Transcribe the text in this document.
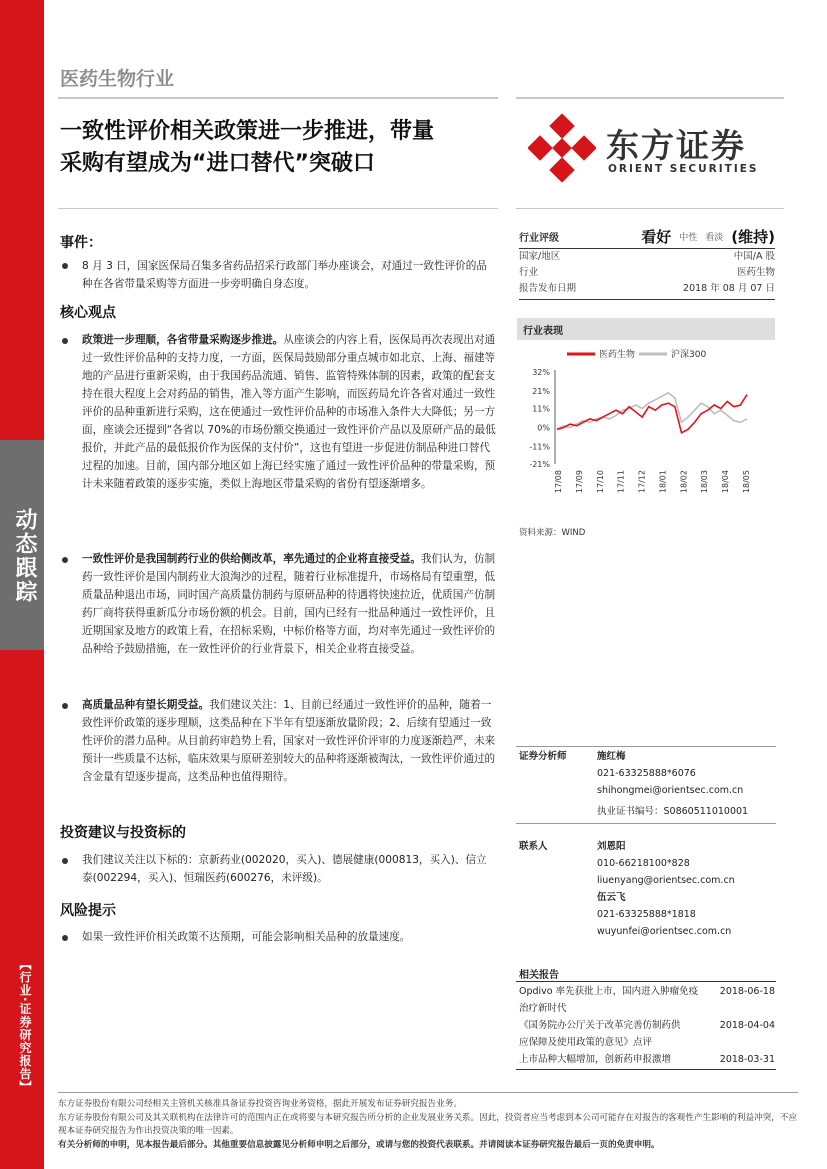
动态跟踪
【行业·证券研究报告】
医药生物行业
一致性评价相关政策进一步推进，带量
采购有望成为“进口替代”突破口	东方证券
ORIENT SECURITIES
事件：
8 月 3 日，国家医保局召集多省药品招采行政部门举办座谈会，对通过一致性评价的品种在各省带量采购等方面进一步旁明确自身态度。
核心观点
政策进一步理顺，各省带量采购逐步推进。从座谈会的内容上看，医保局再次表现出对通过一致性评价品种的支持力度，一方面，医保局鼓励部分重点城市如北京、上海、福建等地的产品进行重新采购，由于我国药品流通、销售、监管特殊体制的因素，政策的配套支持在很大程度上会对药品的销售，准入等方面产生影响，而医药局允许各省对通过一致性评价的品种重新进行采购，这在使通过一致性评价品种的市场准入条件大大降低；另一方面，座谈会还提到“各省以 70%的市场份额交换通过一致性评价产品以及原研产品的最低报价，并此产品的最低报价作为医保的支付价”，这也有望进一步促进仿制品种进口替代过程的加速。目前，国内部分地区如上海已经实施了通过一致性评价品种的带量采购，预计未来随着政策的逐步实施，类似上海地区带量采购的省份有望逐渐增多。
一致性评价是我国制药行业的供给侧改革，率先通过的企业将直接受益。我们认为，仿制药一致性评价是国内制药业大浪淘沙的过程，随着行业标准提升，市场格局有望重塑，低质量品种退出市场，同时国产高质量仿制药与原研品种的待遇将快速拉近，优质国产仿制药厂商将获得重新瓜分市场份额的机会。目前，国内已经有一批品种通过一致性评价，且近期国家及地方的政策上看，在招标采购，中标价格等方面，均对率先通过一致性评价的品种给予鼓励措施，在一致性评价的行业背景下，相关企业将直接受益。
高质量品种有望长期受益。我们建议关注：1、目前已经通过一致性评价的品种，随着一致性评价政策的逐步理顺，这类品种在下半年有望逐渐放量阶段；2、后续有望通过一致性评价的潜力品种。从目前药审趋势上看，国家对一致性评价评审的力度逐渐趋严，未来预计一些质量不达标，临床效果与原研差别较大的品种将逐渐被淘汰，一致性评价通过的含金量有望逐步提高，这类品种也值得期待。
投资建议与投资标的
我们建议关注以下标的：京新药业(002020，买入)、德展健康(000813，买入)、信立泰(002294，买入)、恒瑞医药(600276，未评级)。
风险提示
如果一致性评价相关政策不达预期，可能会影响相关品种的放量速度。
行业评级	看好 中性 看淡 (维持)
国家/地区	中国/A 股
行业	医药生物
报告发布日期	2018 年 08 月 07 日
行业表现
医药生物	沪深300
32%
21%
11%
0%
-11%
-21%
17/08 17/09 17/10 17/11 17/12 18/01 18/02 18/03 18/04 18/05
资料来源：WIND
证券分析师	施红梅
021-63325888*6076
shihongmei@orientsec.com.cn
执业证书编号：S0860511010001
联系人	刘恩阳
010-66218100*828
liuenyang@orientsec.com.cn
伍云飞
021-63325888*1818
wuyunfei@orientsec.com.cn
相关报告
Opdivo 率先获批上市，国内进入肿瘤免疫 2018-06-18
治疗新时代
《国务院办公厅关于改革完善仿制药供	2018-04-04
应保障及使用政策的意见》点评
上市品种大幅增加，创新药申报激增	2018-03-31
东方证券股份有限公司经相关主管机关核准具备证券投资咨询业务资格，据此开展发布证券研究报告业务。
东方证券股份有限公司及其关联机构在法律许可的范围内正在或将要与本研究报告所分析的企业发展业务关系。因此，投资者应当考虑到本公司可能存在对报告的客观性产生影响的利益冲突，不应视本证券研究报告为作出投资决策的唯一因素。
有关分析师的申明，见本报告最后部分。其他重要信息披露见分析师申明之后部分，或请与您的投资代表联系。并请阅读本证券研究报告最后一页的免责申明。
